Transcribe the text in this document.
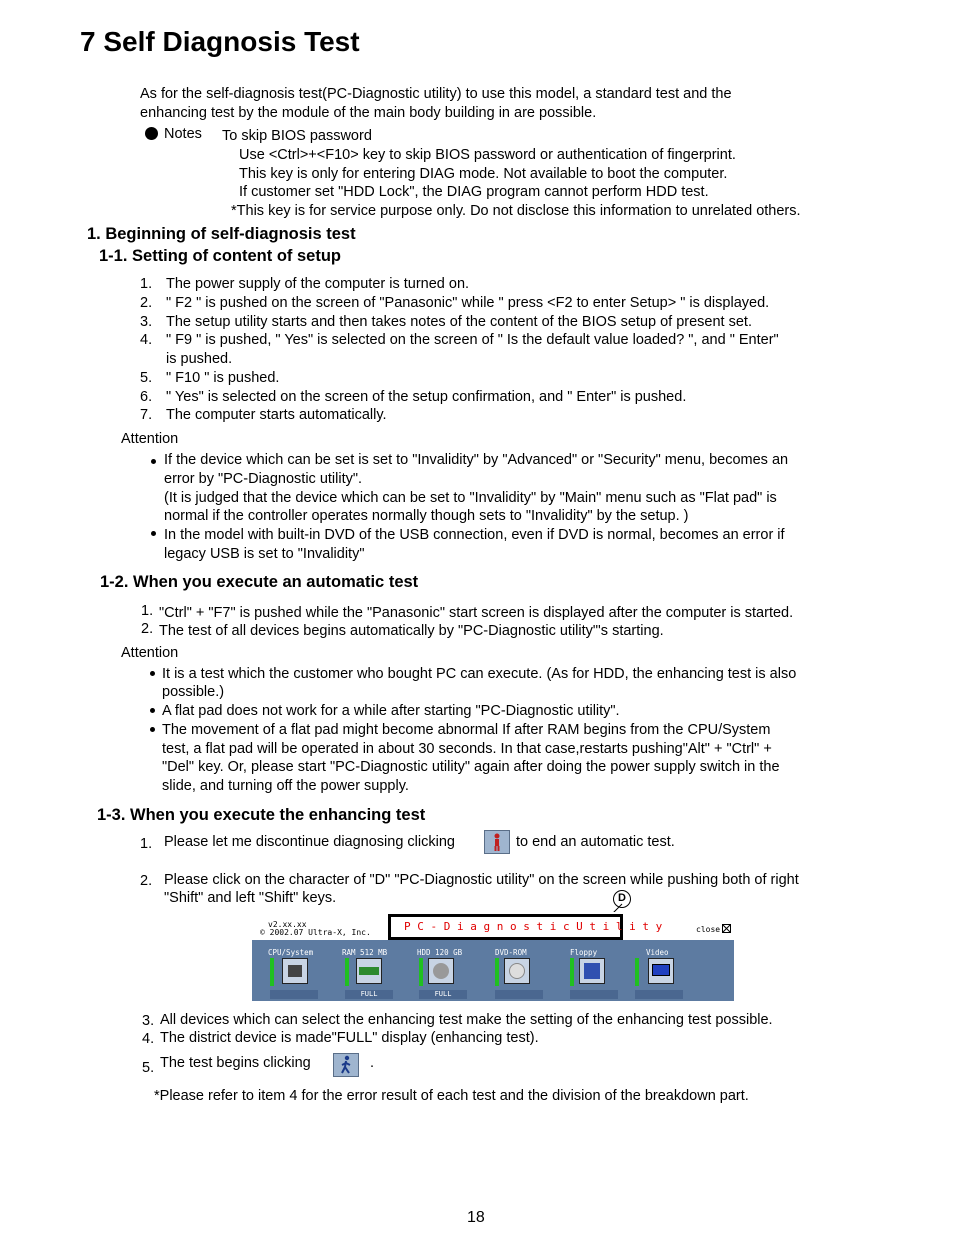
7 Self Diagnosis Test
As for the self-diagnosis test(PC-Diagnostic utility) to use this model, a standard test and the
enhancing test by the module of the main body building in are possible.
Notes To skip BIOS password
Use <Ctrl>+<F10> key to skip BIOS password or authentication of fingerprint.
This key is only for entering DIAG mode. Not available to boot the computer.
If customer set "HDD Lock", the DIAG program cannot perform HDD test.
*This key is for service purpose only. Do not disclose this information to unrelated others.
1. Beginning of self-diagnosis test
1-1. Setting of content of setup
1. The power supply of the computer is turned on.
2. " F2 " is pushed on the screen of "Panasonic" while " press <F2 to enter Setup> " is displayed.
3. The setup utility starts and then takes notes of the content of the BIOS setup of present set.
4. " F9 " is pushed, " Yes" is selected on the screen of " Is the default value loaded? ", and " Enter"
is pushed.
5. " F10 " is pushed.
6. " Yes" is selected on the screen of the setup confirmation, and " Enter" is pushed.
7. The computer starts automatically.
Attention
If the device which can be set is set to "Invalidity" by "Advanced" or "Security" menu, becomes an
error by "PC-Diagnostic utility".
(It is judged that the device which can be set to "Invalidity" by "Main" menu such as "Flat pad" is
normal if the controller operates normally though sets to "Invalidity" by the setup. )
In the model with built-in DVD of the USB connection, even if DVD is normal, becomes an error if
legacy USB is set to "Invalidity"
1-2. When you execute an automatic test
1. "Ctrl" + "F7" is pushed while the "Panasonic" start screen is displayed after the computer is started.
2. The test of all devices begins automatically by "PC-Diagnostic utility"'s starting.
Attention
It is a test which the customer who bought PC can execute. (As for HDD, the enhancing test is also
possible.)
A flat pad does not work for a while after starting "PC-Diagnostic utility".
The movement of a flat pad might become abnormal If after RAM begins from the CPU/System
test, a flat pad will be operated in about 30 seconds. In that case,restarts pushing"Alt" + "Ctrl" +
"Del" key. Or, please start "PC-Diagnostic utility" again after doing the power supply switch in the
slide, and turning off the power supply.
1-3. When you execute the enhancing test
1. Please let me discontinue diagnosing clicking	to end an automatic test.
2. Please click on the character of "D" "PC-Diagnostic utility" on the screen while pushing both of right
"Shift" and left "Shift" keys.	D
v2.xx.xx
© 2002.07 Ultra-X, Inc.	P C - D i a g n o s t i c U t i l i t y	close
CPU/System	RAM 512 MB	HDD 120 GB	DVD-ROM	Floppy	Video
FULL	FULL
3. All devices which can select the enhancing test make the setting of the enhancing test possible.
4. The district device is made"FULL" display (enhancing test).
5. The test begins clicking	.
*Please refer to item 4 for the error result of each test and the division of the breakdown part.
18
